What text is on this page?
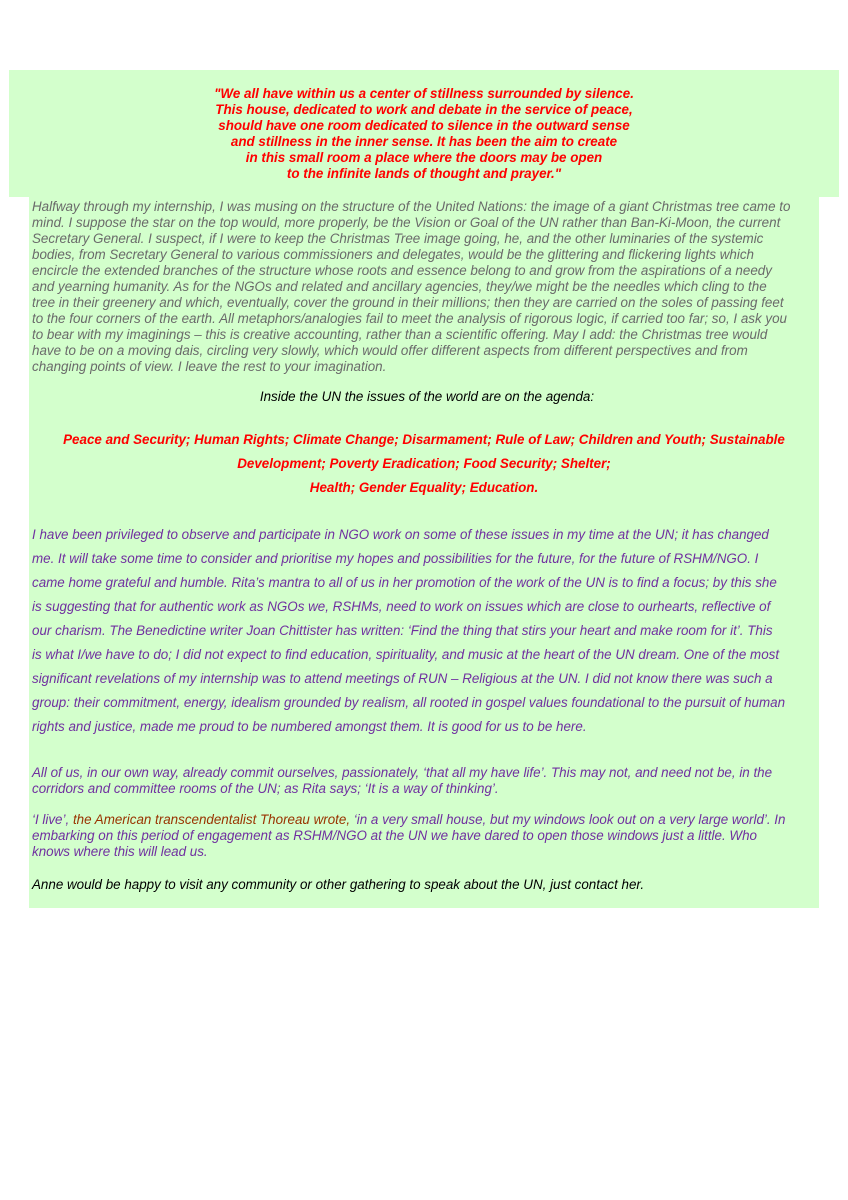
"We all have within us a center of stillness surrounded by silence.
This house, dedicated to work and debate in the service of peace,
should have one room dedicated to silence in the outward sense
and stillness in the inner sense. It has been the aim to create
in this small room a place where the doors may be open
to the infinite lands of thought and prayer."
Halfway through my internship, I was musing on the structure of the United Nations: the image of a giant Christmas tree came to
mind. I suppose the star on the top would, more properly, be the Vision or Goal of the UN rather than Ban-Ki-Moon, the current
Secretary General. I suspect, if I were to keep the Christmas Tree image going, he, and the other luminaries of the systemic
bodies, from Secretary General to various commissioners and delegates, would be the glittering and flickering lights which
encircle the extended branches of the structure whose roots and essence belong to and grow from the aspirations of a needy
and yearning humanity. As for the NGOs and related and ancillary agencies, they/we might be the needles which cling to the
tree in their greenery and which, eventually, cover the ground in their millions; then they are carried on the soles of passing feet
to the four corners of the earth. All metaphors/analogies fail to meet the analysis of rigorous logic, if carried too far; so, I ask you
to bear with my imaginings – this is creative accounting, rather than a scientific offering. May I add: the Christmas tree would
have to be on a moving dais, circling very slowly, which would offer different aspects from different perspectives and from
changing points of view. I leave the rest to your imagination.
Inside the UN the issues of the world are on the agenda:
Peace and Security; Human Rights; Climate Change; Disarmament; Rule of Law; Children and Youth; Sustainable
Development; Poverty Eradication; Food Security; Shelter;
Health; Gender Equality; Education.
I have been privileged to observe and participate in NGO work on some of these issues in my time at the UN; it has changed
me. It will take some time to consider and prioritise my hopes and possibilities for the future, for the future of RSHM/NGO. I
came home grateful and humble. Rita’s mantra to all of us in her promotion of the work of the UN is to find a focus; by this she
is suggesting that for authentic work as NGOs we, RSHMs, need to work on issues which are close to ourhearts, reflective of
our charism. The Benedictine writer Joan Chittister has written: ‘Find the thing that stirs your heart and make room for it’. This
is what I/we have to do; I did not expect to find education, spirituality, and music at the heart of the UN dream. One of the most
significant revelations of my internship was to attend meetings of RUN – Religious at the UN. I did not know there was such a
group: their commitment, energy, idealism grounded by realism, all rooted in gospel values foundational to the pursuit of human
rights and justice, made me proud to be numbered amongst them. It is good for us to be here.
All of us, in our own way, already commit ourselves, passionately, ‘that all my have life’. This may not, and need not be, in the
corridors and committee rooms of the UN; as Rita says; ‘It is a way of thinking’.
‘I live’, the American transcendentalist Thoreau wrote, ‘in a very small house, but my windows look out on a very large world’. In
embarking on this period of engagement as RSHM/NGO at the UN we have dared to open those windows just a little. Who
knows where this will lead us.
Anne would be happy to visit any community or other gathering to speak about the UN, just contact her.
